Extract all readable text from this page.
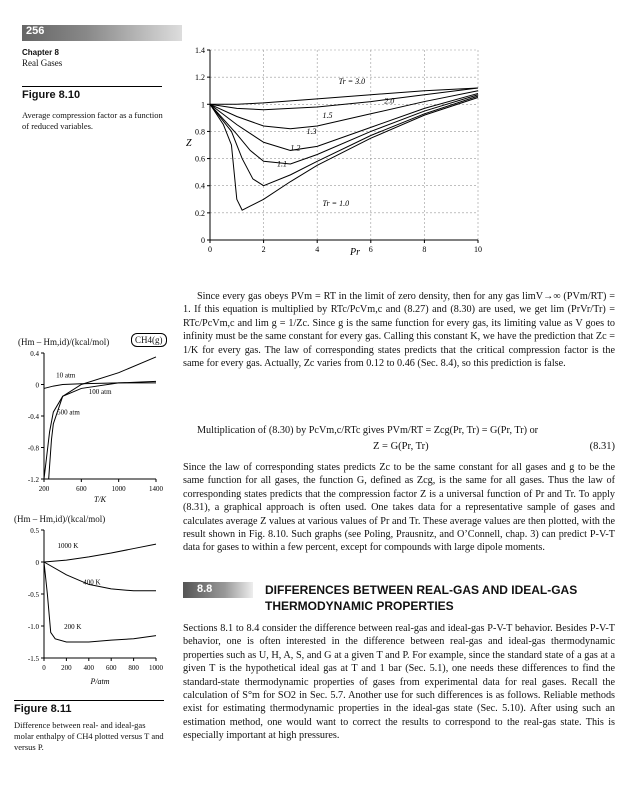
256
Chapter 8
Real Gases
Figure 8.10
Average compression factor as a function of reduced variables.
0	2	4	6	8	10
0
0.2
0.4
0.6
0.8
1
1.2
1.4
Z
Pr
Tr = 3.0
2.0
1.5
1.3
1.2
1.1
Tr = 1.0
(Hm – Hm,id)/(kcal/mol)	CH4(g)
200	600	1000	1400
0.4
0
-0.4
-0.8
-1.2
T/K
10 atm
100 atm
500 atm
(Hm – Hm,id)/(kcal/mol)
0 200 400 600 800 1000
0.5
0
-0.5
-1.0
-1.5
P/atm
1000 K
400 K
200 K
Figure 8.11
Difference between real- and ideal-gas molar enthalpy of CH4 plotted versus T and versus P.
Since every gas obeys PVm = RT in the limit of zero density, then for any gas limV→∞ (PVm/RT) = 1. If this equation is multiplied by RTc/PcVm,c and (8.27) and (8.30) are used, we get lim (PrVr/Tr) = RTc/PcVm,c and lim g = 1/Zc. Since g is the same function for every gas, its limiting value as V goes to infinity must be the same constant for every gas. Calling this constant K, we have the prediction that Zc = 1/K for every gas. The law of corresponding states predicts that the critical compression factor is the same for every gas. Actually, Zc varies from 0.12 to 0.46 (Sec. 8.4), so this prediction is false.
Multiplication of (8.30) by PcVm,c/RTc gives PVm/RT = Zcg(Pr, Tr) = G(Pr, Tr) or
Z = G(Pr, Tr)	(8.31)
Since the law of corresponding states predicts Zc to be the same constant for all gases and g to be the same function for all gases, the function G, defined as Zcg, is the same for all gases. Thus the law of corresponding states predicts that the compression factor Z is a universal function of Pr and Tr. To apply (8.31), a graphical approach is often used. One takes data for a representative sample of gases and calculates average Z values at various values of Pr and Tr. These average values are then plotted, with the result shown in Fig. 8.10. Such graphs (see Poling, Prausnitz, and O’Connell, chap. 3) can predict P-V-T data for gases to within a few percent, except for compounds with large dipole moments.
8.8	DIFFERENCES BETWEEN REAL-GAS AND IDEAL-GAS THERMODYNAMIC PROPERTIES
Sections 8.1 to 8.4 consider the difference between real-gas and ideal-gas P-V-T behavior. Besides P-V-T behavior, one is often interested in the difference between real-gas and ideal-gas thermodynamic properties such as U, H, A, S, and G at a given T and P. For example, since the standard state of a gas at a given T is the hypothetical ideal gas at T and 1 bar (Sec. 5.1), one needs these differences to find the standard-state thermodynamic properties of gases from experimental data for real gases. Recall the calculation of S°m for SO2 in Sec. 5.7. Another use for such differences is as follows. Reliable methods exist for estimating thermodynamic properties in the ideal-gas state (Sec. 5.10). After using such an estimation method, one would want to correct the results to correspond to the real-gas state. This is especially important at high pressures.
